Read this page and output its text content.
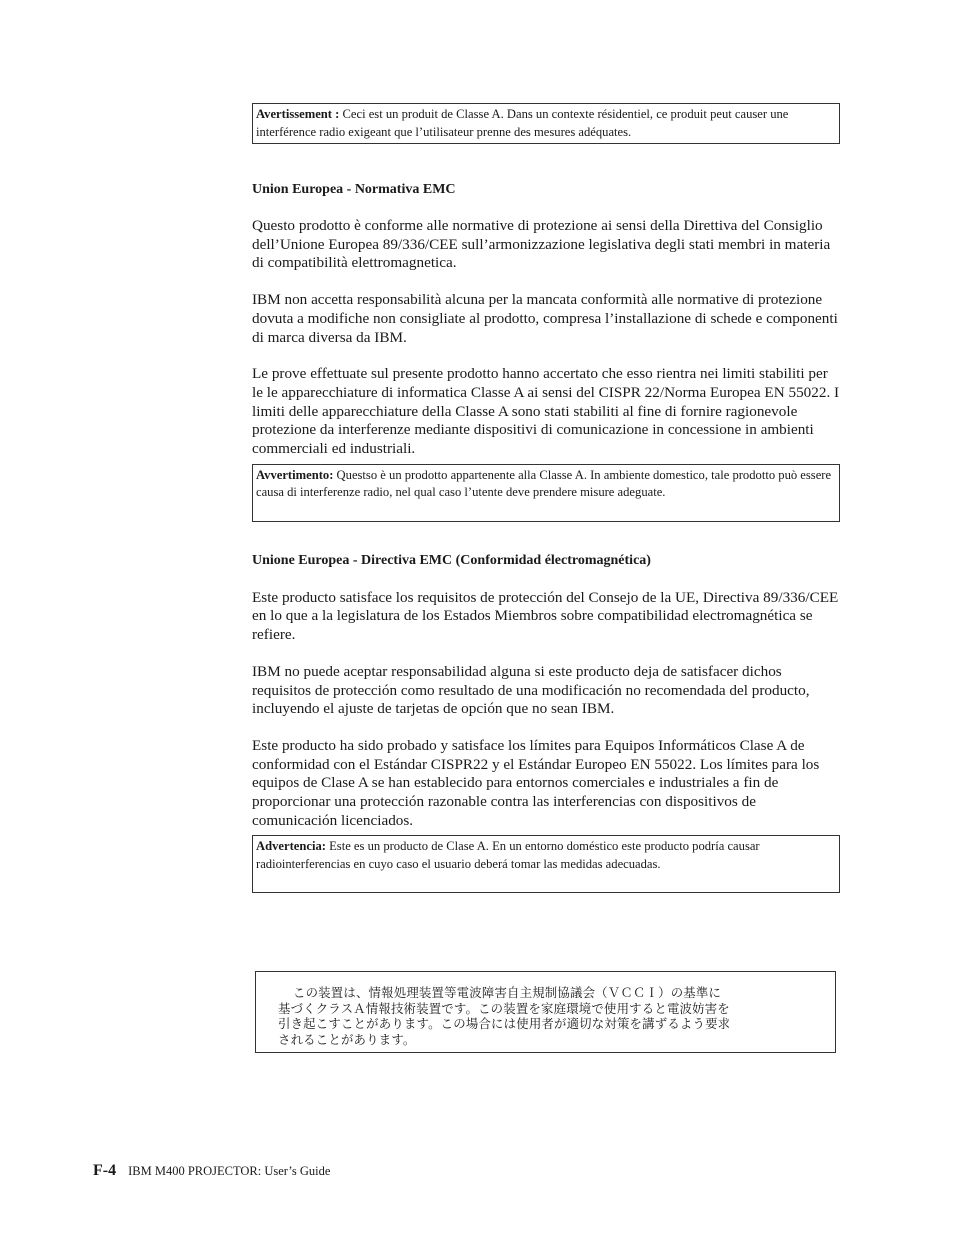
Avertissement : Ceci est un produit de Classe A. Dans un contexte résidentiel, ce produit peut causer une interférence radio exigeant que l’utilisateur prenne des mesures adéquates.
Union Europea - Normativa EMC

Questo prodotto è conforme alle normative di protezione ai sensi della Direttiva del Consiglio dell’Unione Europea 89/336/CEE sull’armonizzazione legislativa degli stati membri in materia di compatibilità elettromagnetica.

IBM non accetta responsabilità alcuna per la mancata conformità alle normative di protezione dovuta a modifiche non consigliate al prodotto, compresa l’installazione di schede e componenti di marca diversa da IBM.

Le prove effettuate sul presente prodotto hanno accertato che esso rientra nei limiti stabiliti per le le apparecchiature di informatica Classe A ai sensi del CISPR 22/Norma Europea EN 55022. I limiti delle apparecchiature della Classe A sono stati stabiliti al fine di fornire ragionevole protezione da interferenze mediante dispositivi di comunicazione in concessione in ambienti commerciali ed industriali.

Avvertimento: Questso è un prodotto appartenente alla Classe A. In ambiente domestico, tale prodotto può essere causa di interferenze radio, nel qual caso l’utente deve prendere misure adeguate.
Unione Europea - Directiva EMC (Conformidad électromagnética)

Este producto satisface los requisitos de protección del Consejo de la UE, Directiva 89/336/CEE en lo que a la legislatura de los Estados Miembros sobre compatibilidad electromagnética se refiere.

IBM no puede aceptar responsabilidad alguna si este producto deja de satisfacer dichos requisitos de protección como resultado de una modificación no recomendada del producto, incluyendo el ajuste de tarjetas de opción que no sean IBM.

Este producto ha sido probado y satisface los límites para Equipos Informáticos Clase A de conformidad con el Estándar CISPR22 y el Estándar Europeo EN 55022. Los límites para los equipos de Clase A se han establecido para entornos comerciales e industriales a fin de proporcionar una protección razonable contra las interferencias con dispositivos de comunicación licenciados.

Advertencia: Este es un producto de Clase A. En un entorno doméstico este producto podría causar radiointerferencias en cuyo caso el usuario deberá tomar las medidas adecuadas.
この装置は、情報処理装置等電波障害自主規制協議会（ＶＣＣＩ）の基準に
基づくクラスＡ情報技術装置です。この装置を家庭環境で使用すると電波妨害を
引き起こすことがあります。この場合には使用者が適切な対策を講ずるよう要求
されることがあります。
F-4 IBM M400 PROJECTOR: User’s Guide
